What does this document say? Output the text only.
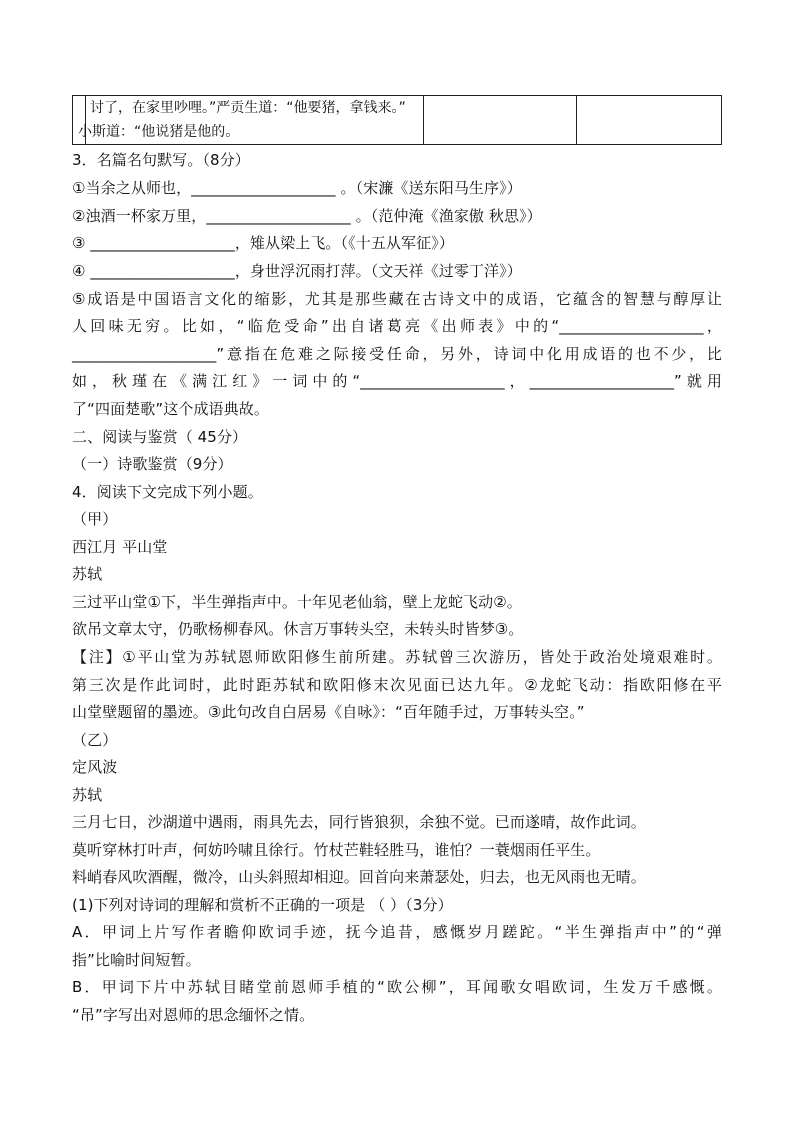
讨了，在家里吵哩。”严贡生道：“他要猪，拿钱来。”
小斯道：“他说猪是他的。

3．名篇名句默写。（8分）
①当余之从师也，___________________ 。（宋濂《送东阳马生序》）
②浊酒一杯家万里，___________________ 。（范仲淹《渔家傲 秋思》）
③ ___________________，雉从梁上飞。（《十五从军征》）
④ ___________________，身世浮沉雨打萍。（文天祥《过零丁洋》）
⑤成语是中国语言文化的缩影，尤其是那些藏在古诗文中的成语，它蕴含的智慧与醇厚让
人回味无穷。比如，“临危受命”出自诸葛亮《出师表》中的“___________________，
___________________”意指在危难之际接受任命，另外，诗词中化用成语的也不少，比
如，秋瑾在《满江红》一词中的“___________________，___________________”就用
了“四面楚歌”这个成语典故。
二、阅读与鉴赏（ 45分）
（一）诗歌鉴赏（9分）
4．阅读下文完成下列小题。
（甲）
西江月 平山堂
苏轼
三过平山堂①下，半生弹指声中。十年见老仙翁，壁上龙蛇飞动②。
欲吊文章太守，仍歌杨柳春风。休言万事转头空，未转头时皆梦③。
【注】①平山堂为苏轼恩师欧阳修生前所建。苏轼曾三次游历，皆处于政治处境艰难时。
第三次是作此词时，此时距苏轼和欧阳修末次见面已达九年。②龙蛇飞动：指欧阳修在平
山堂壁题留的墨迹。③此句改自白居易《自咏》：“百年随手过，万事转头空。”
（乙）
定风波
苏轼
三月七日，沙湖道中遇雨，雨具先去，同行皆狼狈，余独不觉。已而遂晴，故作此词。
莫听穿林打叶声，何妨吟啸且徐行。竹杖芒鞋轻胜马，谁怕？一蓑烟雨任平生。
料峭春风吹酒醒，微冷，山头斜照却相迎。回首向来萧瑟处，归去，也无风雨也无晴。
(1)下列对诗词的理解和赏析不正确的一项是 （ ）（3分）
A．甲词上片写作者瞻仰欧词手迹，抚今追昔，感慨岁月蹉跎。“半生弹指声中”的“弹
指”比喻时间短暂。
B．甲词下片中苏轼目睹堂前恩师手植的“欧公柳”，耳闻歌女唱欧词，生发万千感慨。
“吊”字写出对恩师的思念缅怀之情。
